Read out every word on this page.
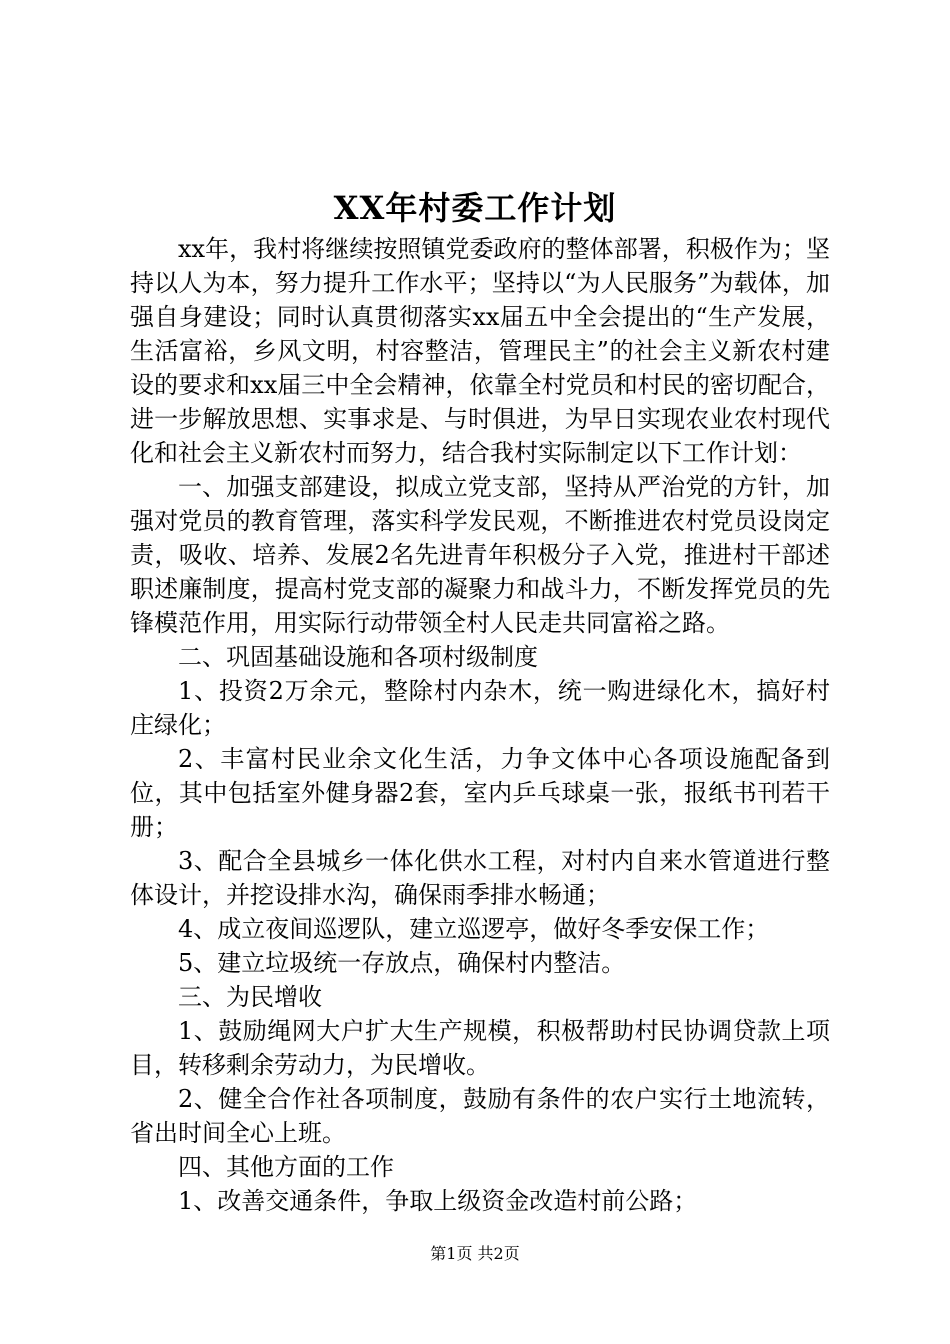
XX年村委工作计划

xx年，我村将继续按照镇党委政府的整体部署，积极作为；坚持以人为本，努力提升工作水平；坚持以“为人民服务”为载体，加强自身建设；同时认真贯彻落实xx届五中全会提出的“生产发展，生活富裕，乡风文明，村容整洁，管理民主”的社会主义新农村建设的要求和xx届三中全会精神，依靠全村党员和村民的密切配合，进一步解放思想、实事求是、与时俱进，为早日实现农业农村现代化和社会主义新农村而努力，结合我村实际制定以下工作计划：

一、加强支部建设，拟成立党支部，坚持从严治党的方针，加强对党员的教育管理，落实科学发民观，不断推进农村党员设岗定责，吸收、培养、发展2名先进青年积极分子入党，推进村干部述职述廉制度，提高村党支部的凝聚力和战斗力，不断发挥党员的先锋模范作用，用实际行动带领全村人民走共同富裕之路。

二、巩固基础设施和各项村级制度

1、投资2万余元，整除村内杂木，统一购进绿化木，搞好村庄绿化；

2、丰富村民业余文化生活，力争文体中心各项设施配备到位，其中包括室外健身器2套，室内乒乓球桌一张，报纸书刊若干册；

3、配合全县城乡一体化供水工程，对村内自来水管道进行整体设计，并挖设排水沟，确保雨季排水畅通；

4、成立夜间巡逻队，建立巡逻亭，做好冬季安保工作；

5、建立垃圾统一存放点，确保村内整洁。

三、为民增收

1、鼓励绳网大户扩大生产规模，积极帮助村民协调贷款上项目，转移剩余劳动力，为民增收。

2、健全合作社各项制度，鼓励有条件的农户实行土地流转，省出时间全心上班。

四、其他方面的工作

1、改善交通条件，争取上级资金改造村前公路；

第1页 共2页
